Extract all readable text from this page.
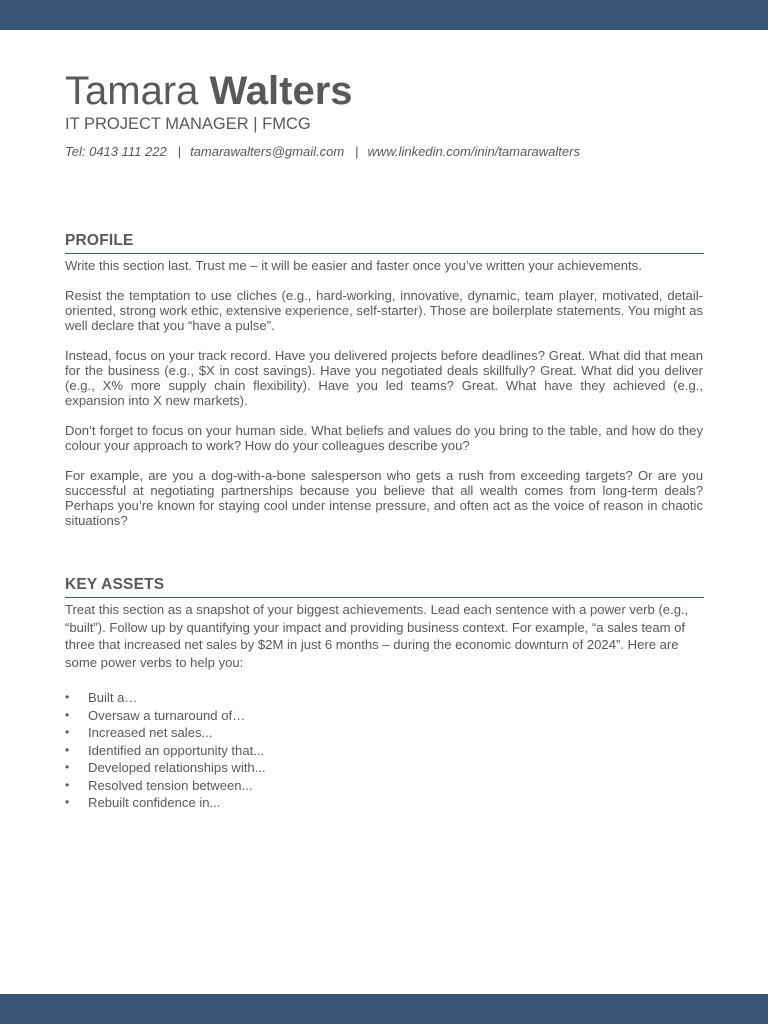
Tamara Walters
IT PROJECT MANAGER | FMCG
Tel: 0413 111 222 | tamarawalters@gmail.com | www.linkedin.com/inin/tamarawalters
PROFILE

Write this section last. Trust me – it will be easier and faster once you’ve written your achievements.

Resist the temptation to use cliches (e.g., hard-working, innovative, dynamic, team player, motivated, detail-oriented, strong work ethic, extensive experience, self-starter). Those are boilerplate statements. You might as well declare that you “have a pulse”.

Instead, focus on your track record. Have you delivered projects before deadlines? Great. What did that mean for the business (e.g., $X in cost savings). Have you negotiated deals skillfully? Great. What did you deliver (e.g., X% more supply chain flexibility). Have you led teams? Great. What have they achieved (e.g., expansion into X new markets).

Don’t forget to focus on your human side. What beliefs and values do you bring to the table, and how do they colour your approach to work? How do your colleagues describe you?

For example, are you a dog-with-a-bone salesperson who gets a rush from exceeding targets? Or are you successful at negotiating partnerships because you believe that all wealth comes from long-term deals? Perhaps you’re known for staying cool under intense pressure, and often act as the voice of reason in chaotic situations?

KEY ASSETS

Treat this section as a snapshot of your biggest achievements. Lead each sentence with a power verb (e.g., “built”). Follow up by quantifying your impact and providing business context. For example, “a sales team of three that increased net sales by $2M in just 6 months – during the economic downturn of 2024”. Here are some power verbs to help you:

• Built a…
• Oversaw a turnaround of…
• Increased net sales...
• Identified an opportunity that...
• Developed relationships with...
• Resolved tension between...
• Rebuilt confidence in...
